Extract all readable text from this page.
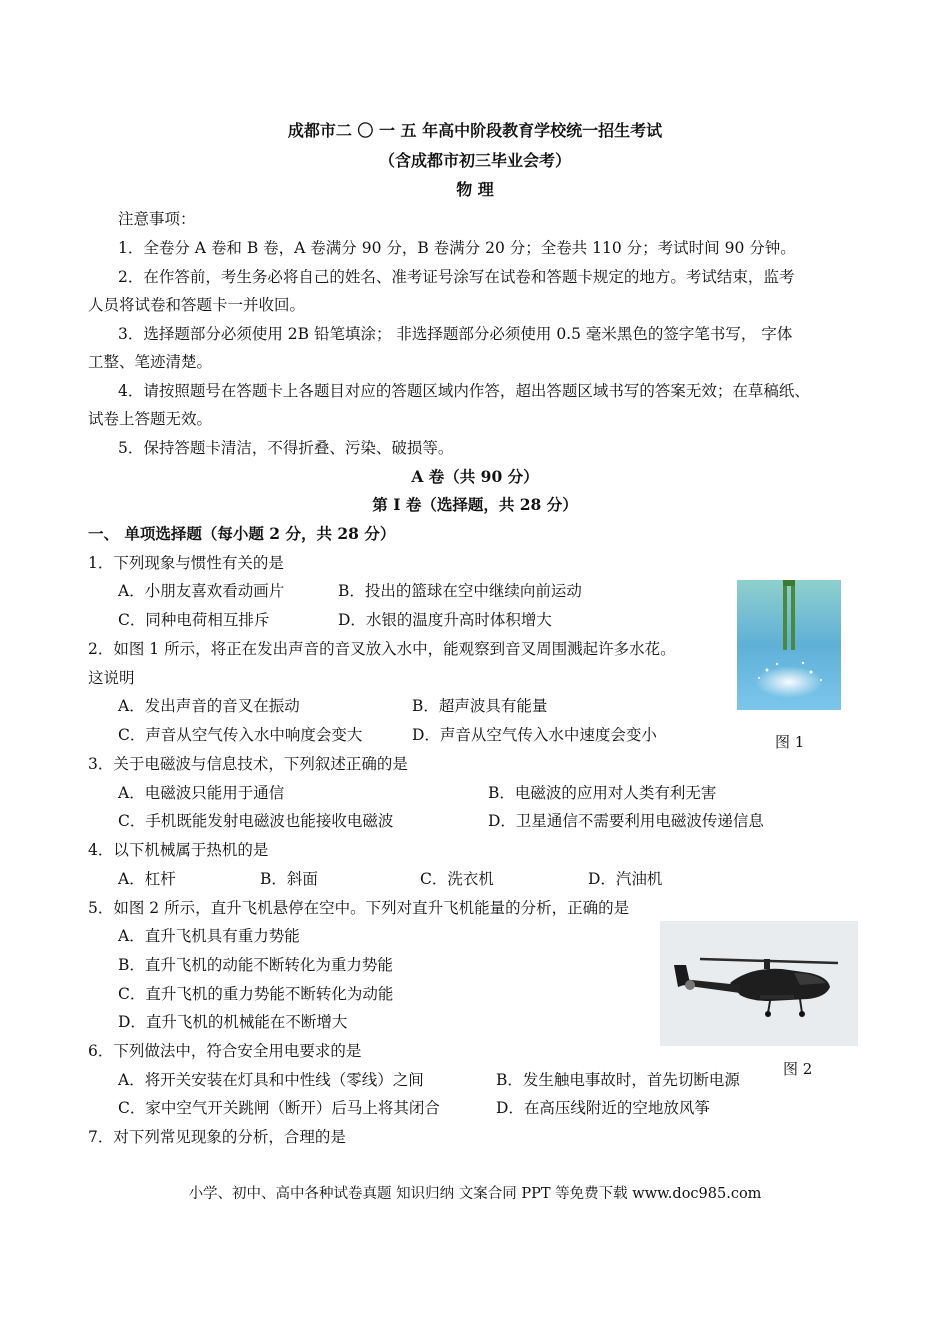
成都市二 〇 一 五 年高中阶段教育学校统一招生考试
（含成都市初三毕业会考）
物 理
注意事项：
1．全卷分 A 卷和 B 卷，A 卷满分 90 分，B 卷满分 20 分；全卷共 110 分；考试时间 90 分钟。
2．在作答前，考生务必将自己的姓名、准考证号涂写在试卷和答题卡规定的地方。考试结束，监考
人员将试卷和答题卡一并收回。
3．选择题部分必须使用 2B 铅笔填涂； 非选择题部分必须使用 0.5 毫米黑色的签字笔书写， 字体
工整、笔迹清楚。
4．请按照题号在答题卡上各题目对应的答题区域内作答，超出答题区域书写的答案无效；在草稿纸、
试卷上答题无效。
5．保持答题卡清洁，不得折叠、污染、破损等。
A 卷（共 90 分）
第 I 卷（选择题，共 28 分）
一、 单项选择题（每小题 2 分，共 28 分）
1．下列现象与惯性有关的是
A．小朋友喜欢看动画片	B．投出的篮球在空中继续向前运动
C．同种电荷相互排斥	D．水银的温度升高时体积增大
2．如图 1 所示，将正在发出声音的音叉放入水中，能观察到音叉周围溅起许多水花。
这说明
A．发出声音的音叉在振动	B．超声波具有能量
C．声音从空气传入水中响度会变大	D．声音从空气传入水中速度会变小	图 1
3．关于电磁波与信息技术，下列叙述正确的是
A．电磁波只能用于通信	B．电磁波的应用对人类有利无害
C．手机既能发射电磁波也能接收电磁波	D．卫星通信不需要利用电磁波传递信息
4．以下机械属于热机的是
A．杠杆	B．斜面	C．洗衣机	D．汽油机
5．如图 2 所示，直升飞机悬停在空中。下列对直升飞机能量的分析，正确的是
A．直升飞机具有重力势能
B．直升飞机的动能不断转化为重力势能
C．直升飞机的重力势能不断转化为动能
D．直升飞机的机械能在不断增大
图 2
6．下列做法中，符合安全用电要求的是
A．将开关安装在灯具和中性线（零线）之间	B．发生触电事故时，首先切断电源
C．家中空气开关跳闸（断开）后马上将其闭合	D．在高压线附近的空地放风筝
7．对下列常见现象的分析，合理的是
小学、初中、高中各种试卷真题 知识归纳 文案合同 PPT 等免费下载 www.doc985.com
